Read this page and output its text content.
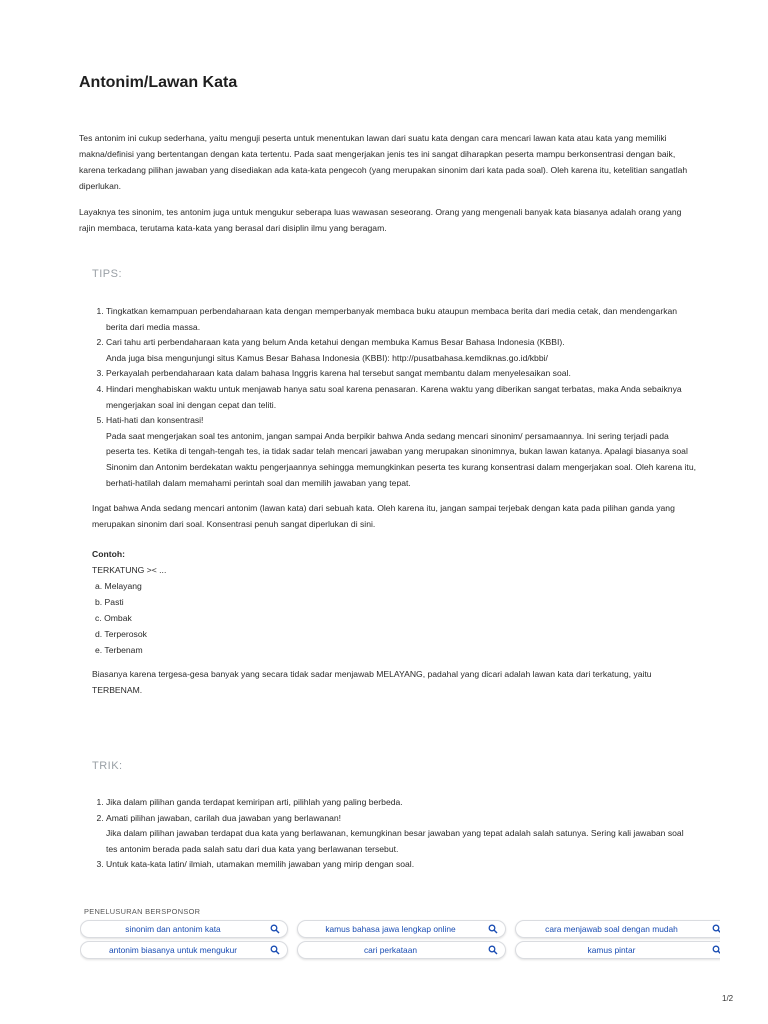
Antonim/Lawan Kata

Tes antonim ini cukup sederhana, yaitu menguji peserta untuk menentukan lawan dari suatu kata dengan cara mencari lawan kata atau kata yang memiliki makna/definisi yang bertentangan dengan kata tertentu. Pada saat mengerjakan jenis tes ini sangat diharapkan peserta mampu berkonsentrasi dengan baik, karena terkadang pilihan jawaban yang disediakan ada kata-kata pengecoh (yang merupakan sinonim dari kata pada soal). Oleh karena itu, ketelitian sangatlah diperlukan.

Layaknya tes sinonim, tes antonim juga untuk mengukur seberapa luas wawasan seseorang. Orang yang mengenali banyak kata biasanya adalah orang yang rajin membaca, terutama kata-kata yang berasal dari disiplin ilmu yang beragam.

TIPS:
1. Tingkatkan kemampuan perbendaharaan kata dengan memperbanyak membaca buku ataupun membaca berita dari media cetak, dan mendengarkan berita dari media massa.
2. Cari tahu arti perbendaharaan kata yang belum Anda ketahui dengan membuka Kamus Besar Bahasa Indonesia (KBBI).
Anda juga bisa mengunjungi situs Kamus Besar Bahasa Indonesia (KBBI): http://pusatbahasa.kemdiknas.go.id/kbbi/
3. Perkayalah perbendaharaan kata dalam bahasa Inggris karena hal tersebut sangat membantu dalam menyelesaikan soal.
4. Hindari menghabiskan waktu untuk menjawab hanya satu soal karena penasaran. Karena waktu yang diberikan sangat terbatas, maka Anda sebaiknya mengerjakan soal ini dengan cepat dan teliti.
5. Hati-hati dan konsentrasi!
Pada saat mengerjakan soal tes antonim, jangan sampai Anda berpikir bahwa Anda sedang mencari sinonim/ persamaannya. Ini sering terjadi pada peserta tes. Ketika di tengah-tengah tes, ia tidak sadar telah mencari jawaban yang merupakan sinonimnya, bukan lawan katanya. Apalagi biasanya soal Sinonim dan Antonim berdekatan waktu pengerjaannya sehingga memungkinkan peserta tes kurang konsentrasi dalam mengerjakan soal. Oleh karena itu, berhati-hatilah dalam memahami perintah soal dan memilih jawaban yang tepat.

Ingat bahwa Anda sedang mencari antonim (lawan kata) dari sebuah kata. Oleh karena itu, jangan sampai terjebak dengan kata pada pilihan ganda yang merupakan sinonim dari soal. Konsentrasi penuh sangat diperlukan di sini.

Contoh:
TERKATUNG >< ...
a. Melayang
b. Pasti
c. Ombak
d. Terperosok
e. Terbenam

Biasanya karena tergesa-gesa banyak yang secara tidak sadar menjawab MELAYANG, padahal yang dicari adalah lawan kata dari terkatung, yaitu TERBENAM.

TRIK:
1. Jika dalam pilihan ganda terdapat kemiripan arti, pilihlah yang paling berbeda.
2. Amati pilihan jawaban, carilah dua jawaban yang berlawanan!
Jika dalam pilihan jawaban terdapat dua kata yang berlawanan, kemungkinan besar jawaban yang tepat adalah salah satunya. Sering kali jawaban soal tes antonim berada pada salah satu dari dua kata yang berlawanan tersebut.
3. Untuk kata-kata latin/ ilmiah, utamakan memilih jawaban yang mirip dengan soal.
PENELUSURAN BERSPONSOR
sinonim dan antonim kata	kamus bahasa jawa lengkap online	cara menjawab soal dengan mudah
antonim biasanya untuk mengukur	cari perkataan	kamus pintar
1/2
